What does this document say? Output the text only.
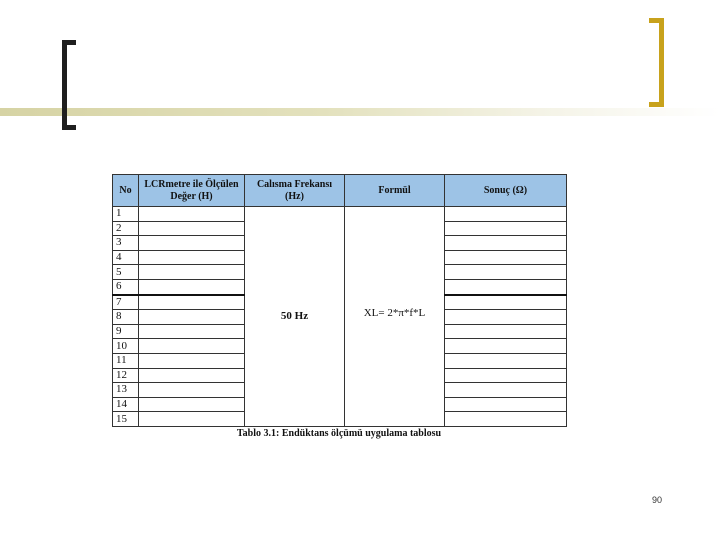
No	LCRmetre ile Ölçülen Değer (H)	Calısma Frekansı (Hz)	Formül	Sonuç (Ω)
1		50 Hz	XL= 2*π*f*L	

2				
3				
4				
5				
6				
7				
8				
9				
10				
11				
12				
13				
14				
15				
Tablo 3.1: Endüktans ölçümü uygulama tablosu
90
